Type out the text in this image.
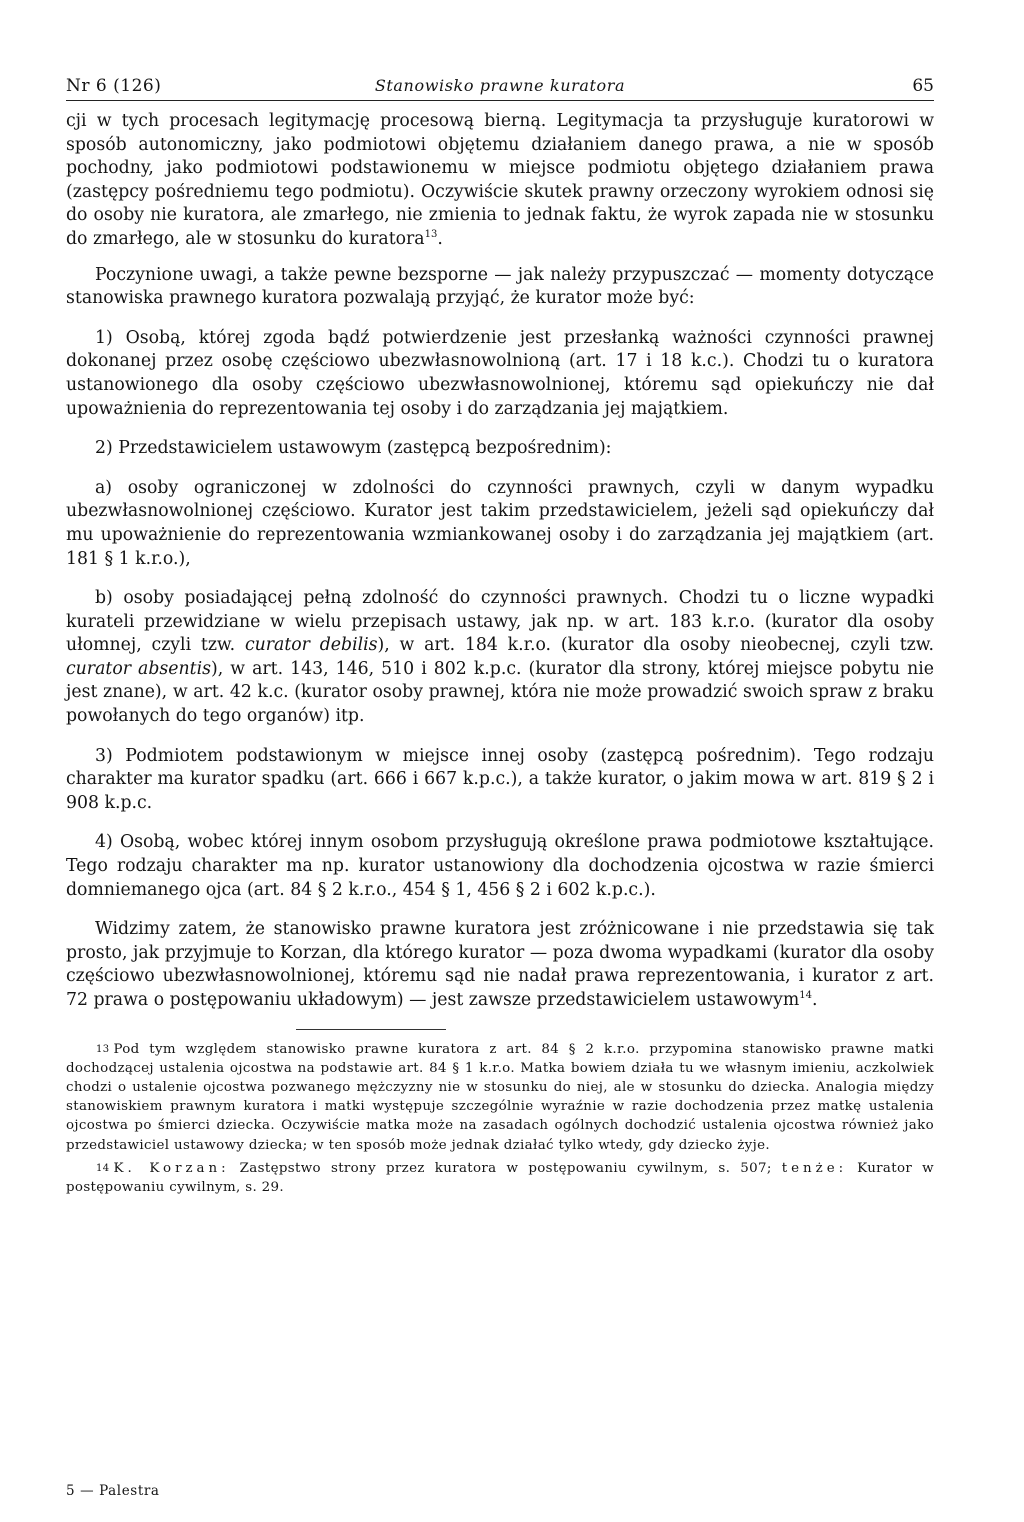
Nr 6 (126)	Stanowisko prawne kuratora	65

cji w tych procesach legitymację procesową bierną. Legitymacja ta przysługuje kuratorowi w sposób autonomiczny, jako podmiotowi objętemu działaniem danego prawa, a nie w sposób pochodny, jako podmiotowi podstawionemu w miejsce podmiotu objętego działaniem prawa (zastępcy pośredniemu tego podmiotu). Oczywiście skutek prawny orzeczony wyrokiem odnosi się do osoby nie kuratora, ale zmarłego, nie zmienia to jednak faktu, że wyrok zapada nie w stosunku do zmarłego, ale w stosunku do kuratora$^{13}$.

Poczynione uwagi, a także pewne bezsporne — jak należy przypuszczać — momenty dotyczące stanowiska prawnego kuratora pozwalają przyjąć, że kurator może być:

1) Osobą, której zgoda bądź potwierdzenie jest przesłanką ważności czynności prawnej dokonanej przez osobę częściowo ubezwłasnowolnioną (art. 17 i 18 k.c.). Chodzi tu o kuratora ustanowionego dla osoby częściowo ubezwłasnowolnionej, któremu sąd opiekuńczy nie dał upoważnienia do reprezentowania tej osoby i do zarządzania jej majątkiem.

2) Przedstawicielem ustawowym (zastępcą bezpośrednim):

a) osoby ograniczonej w zdolności do czynności prawnych, czyli w danym wypadku ubezwłasnowolnionej częściowo. Kurator jest takim przedstawicielem, jeżeli sąd opiekuńczy dał mu upoważnienie do reprezentowania wzmiankowanej osoby i do zarządzania jej majątkiem (art. 181 § 1 k.r.o.),

b) osoby posiadającej pełną zdolność do czynności prawnych. Chodzi tu o liczne wypadki kurateli przewidziane w wielu przepisach ustawy, jak np. w art. 183 k.r.o. (kurator dla osoby ułomnej, czyli tzw. curator debilis), w art. 184 k.r.o. (kurator dla osoby nieobecnej, czyli tzw. curator absentis), w art. 143, 146, 510 i 802 k.p.c. (kurator dla strony, której miejsce pobytu nie jest znane), w art. 42 k.c. (kurator osoby prawnej, która nie może prowadzić swoich spraw z braku powołanych do tego organów) itp.

3) Podmiotem podstawionym w miejsce innej osoby (zastępcą pośrednim). Tego rodzaju charakter ma kurator spadku (art. 666 i 667 k.p.c.), a także kurator, o jakim mowa w art. 819 § 2 i 908 k.p.c.

4) Osobą, wobec której innym osobom przysługują określone prawa podmiotowe kształtujące. Tego rodzaju charakter ma np. kurator ustanowiony dla dochodzenia ojcostwa w razie śmierci domniemanego ojca (art. 84 § 2 k.r.o., 454 § 1, 456 § 2 i 602 k.p.c.).

Widzimy zatem, że stanowisko prawne kuratora jest zróżnicowane i nie przedstawia się tak prosto, jak przyjmuje to Korzan, dla którego kurator — poza dwoma wypadkami (kurator dla osoby częściowo ubezwłasnowolnionej, któremu sąd nie nadał prawa reprezentowania, i kurator z art. 72 prawa o postępowaniu układowym) — jest zawsze przedstawicielem ustawowym$^{14}$.

$^{13}$ Pod tym względem stanowisko prawne kuratora z art. 84 § 2 k.r.o. przypomina stanowisko prawne matki dochodzącej ustalenia ojcostwa na podstawie art. 84 § 1 k.r.o. Matka bowiem działa tu we własnym imieniu, aczkolwiek chodzi o ustalenie ojcostwa pozwanego mężczyzny nie w stosunku do niej, ale w stosunku do dziecka. Analogia między stanowiskiem prawnym kuratora i matki występuje szczególnie wyraźnie w razie dochodzenia przez matkę ustalenia ojcostwa po śmierci dziecka. Oczywiście matka może na zasadach ogólnych dochodzić ustalenia ojcostwa również jako przedstawiciel ustawowy dziecka; w ten sposób może jednak działać tylko wtedy, gdy dziecko żyje.

$^{14}$ K. Korzan: Zastępstwo strony przez kuratora w postępowaniu cywilnym, s. 507; tenże: Kurator w postępowaniu cywilnym, s. 29.

5 — Palestra
